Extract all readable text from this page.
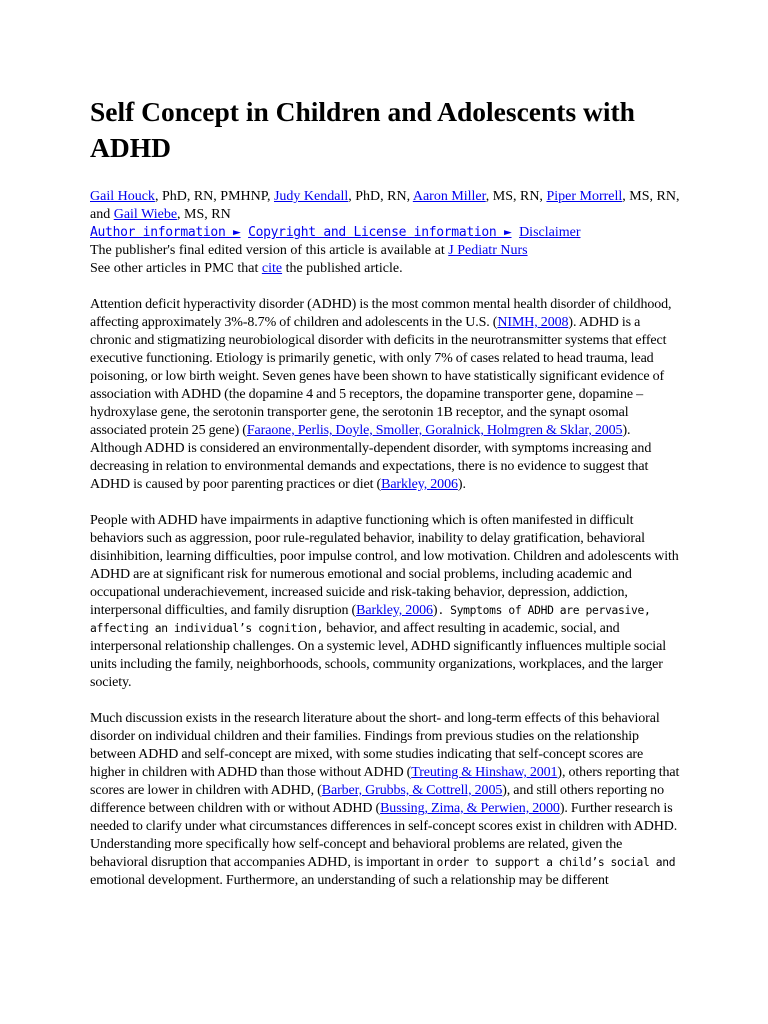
Self Concept in Children and Adolescents with ADHD
Gail Houck, PhD, RN, PMHNP, Judy Kendall, PhD, RN, Aaron Miller, MS, RN, Piper Morrell, MS, RN, and Gail Wiebe, MS, RN
Author information ► Copyright and License information ► Disclaimer
The publisher's final edited version of this article is available at J Pediatr Nurs
See other articles in PMC that cite the published article.

Attention deficit hyperactivity disorder (ADHD) is the most common mental health disorder of childhood, affecting approximately 3%-8.7% of children and adolescents in the U.S. (NIMH, 2008). ADHD is a chronic and stigmatizing neurobiological disorder with deficits in the neurotransmitter systems that effect executive functioning. Etiology is primarily genetic, with only 7% of cases related to head trauma, lead poisoning, or low birth weight. Seven genes have been shown to have statistically significant evidence of association with ADHD (the dopamine 4 and 5 receptors, the dopamine transporter gene, dopamine –hydroxylase gene, the serotonin transporter gene, the serotonin 1B receptor, and the synapt osomal associated protein 25 gene) (Faraone, Perlis, Doyle, Smoller, Goralnick, Holmgren & Sklar, 2005). Although ADHD is considered an environmentally-dependent disorder, with symptoms increasing and decreasing in relation to environmental demands and expectations, there is no evidence to suggest that ADHD is caused by poor parenting practices or diet (Barkley, 2006).

People with ADHD have impairments in adaptive functioning which is often manifested in difficult behaviors such as aggression, poor rule-regulated behavior, inability to delay gratification, behavioral disinhibition, learning difficulties, poor impulse control, and low motivation. Children and adolescents with ADHD are at significant risk for numerous emotional and social problems, including academic and occupational underachievement, increased suicide and risk-taking behavior, depression, addiction, interpersonal difficulties, and family disruption (Barkley, 2006). Symptoms of ADHD are pervasive, affecting an individual’s cognition, behavior, and affect resulting in academic, social, and interpersonal relationship challenges. On a systemic level, ADHD significantly influences multiple social units including the family, neighborhoods, schools, community organizations, workplaces, and the larger society.

Much discussion exists in the research literature about the short- and long-term effects of this behavioral disorder on individual children and their families. Findings from previous studies on the relationship between ADHD and self-concept are mixed, with some studies indicating that self-concept scores are higher in children with ADHD than those without ADHD (Treuting & Hinshaw, 2001), others reporting that scores are lower in children with ADHD, (Barber, Grubbs, & Cottrell, 2005), and still others reporting no difference between children with or without ADHD (Bussing, Zima, & Perwien, 2000). Further research is needed to clarify under what circumstances differences in self-concept scores exist in children with ADHD. Understanding more specifically how self-concept and behavioral problems are related, given the behavioral disruption that accompanies ADHD, is important in order to support a child’s social and emotional development. Furthermore, an understanding of such a relationship may be different
